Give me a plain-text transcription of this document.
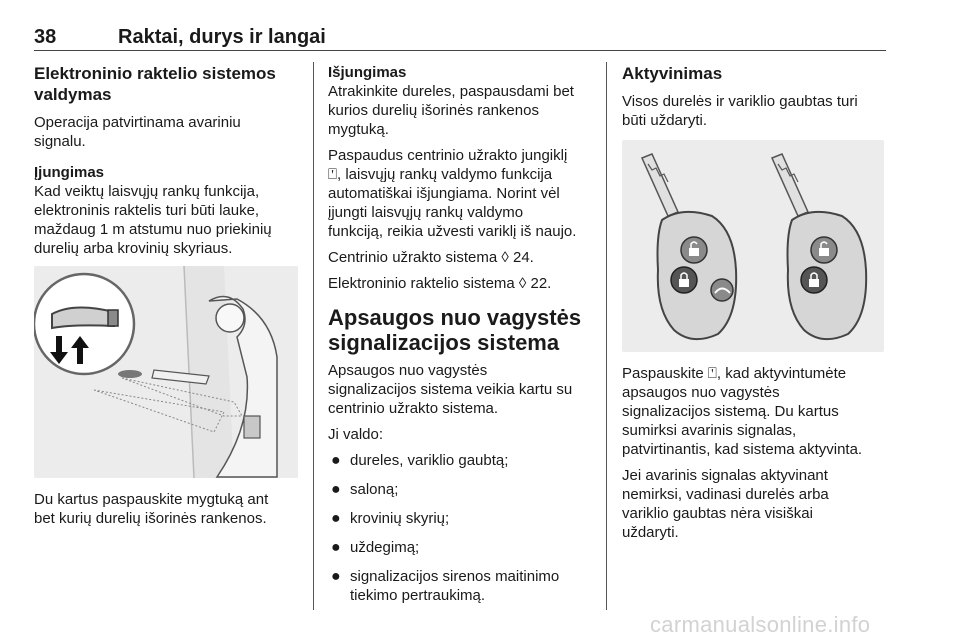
38	Raktai, durys ir langai
Elektroninio raktelio sistemos
valdymas

Operacija patvirtinama avariniu
signalu.

Įjungimas

Kad veiktų laisvųjų rankų funkcija,
elektroninis raktelis turi būti lauke,
maždaug 1 m atstumu nuo priekinių
durelių arba krovinių skyriaus.

Du kartus paspauskite mygtuką ant
bet kurių durelių išorinės rankenos.

Išjungimas

Atrakinkite dureles, paspausdami bet
kurios durelių išorinės rankenos
mygtuką.

Paspaudus centrinio užrakto jungiklį
⍞, laisvųjų rankų valdymo funkcija
automatiškai išjungiama. Norint vėl
įjungti laisvųjų rankų valdymo
funkciją, reikia užvesti variklį iš naujo.

Centrinio užrakto sistema ◊ 24.

Elektroninio raktelio sistema ◊ 22.

Apsaugos nuo vagystės
signalizacijos sistema

Apsaugos nuo vagystės
signalizacijos sistema veikia kartu su
centrinio užrakto sistema.

Ji valdo:

● dureles, variklio gaubtą;
● saloną;
● krovinių skyrių;
● uždegimą;
● signalizacijos sirenos maitinimo
tiekimo pertraukimą.
Aktyvinimas

Visos durelės ir variklio gaubtas turi
būti uždaryti.

Paspauskite ⍞, kad aktyvintumėte
apsaugos nuo vagystės
signalizacijos sistemą. Du kartus
sumirksi avarinis signalas,
patvirtinantis, kad sistema aktyvinta.

Jei avarinis signalas aktyvinant
nemirksi, vadinasi durelės arba
variklio gaubtas nėra visiškai
uždaryti.

carmanualsonline.info
